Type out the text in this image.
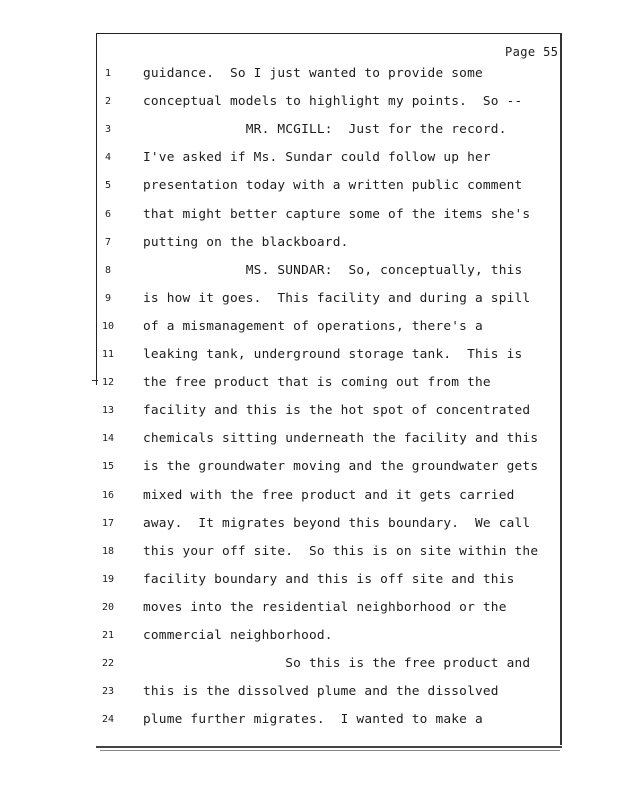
Page 55
1	guidance.  So I just wanted to provide some
2	conceptual models to highlight my points.  So --
3	MR. MCGILL:  Just for the record.
4	I've asked if Ms. Sundar could follow up her
5	presentation today with a written public comment
6	that might better capture some of the items she's
7	putting on the blackboard.
8	MS. SUNDAR:  So, conceptually, this
9	is how it goes.  This facility and during a spill
10	of a mismanagement of operations, there's a
11	leaking tank, underground storage tank.  This is
12	the free product that is coming out from the
13	facility and this is the hot spot of concentrated
14	chemicals sitting underneath the facility and this
15	is the groundwater moving and the groundwater gets
16	mixed with the free product and it gets carried
17	away.  It migrates beyond this boundary.  We call
18	this your off site.  So this is on site within the
19	facility boundary and this is off site and this
20	moves into the residential neighborhood or the
21	commercial neighborhood.
22	So this is the free product and
23	this is the dissolved plume and the dissolved
24	plume further migrates.  I wanted to make a
